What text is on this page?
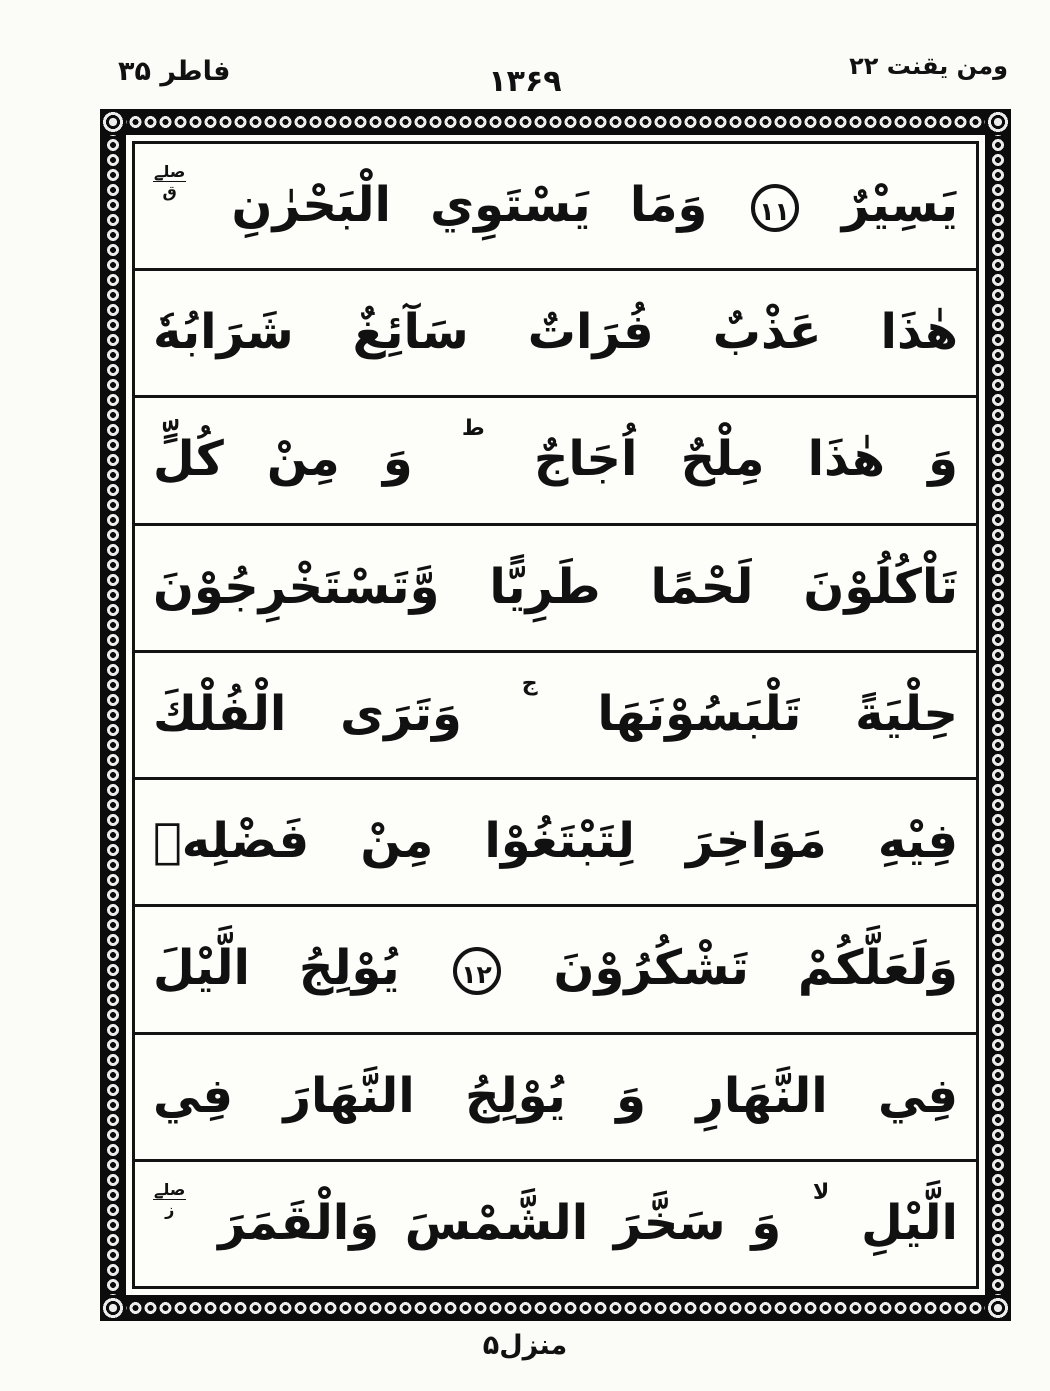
فاطر ۳۵	۱۳۶۹	ومن يقنت ۲۲
يَسِيْرٌ ۱۱ وَمَا يَسْتَوِي الْبَحْرٰنِ
صلے
ق
هٰذَا عَذْبٌ فُرَاتٌ سَآئِغٌ شَرَابُهٗ
وَ هٰذَا مِلْحٌ اُجَاجٌ ط وَ مِنْ كُلٍّ
تَاْكُلُوْنَ لَحْمًا طَرِيًّا وَّتَسْتَخْرِجُوْنَ
حِلْيَةً تَلْبَسُوْنَهَا ج وَتَرَى الْفُلْكَ
فِيْهِ مَوَاخِرَ لِتَبْتَغُوْا مِنْ فَضْلِهٖ
وَلَعَلَّكُمْ تَشْكُرُوْنَ ۱۲ يُوْلِجُ الَّيْلَ
فِي النَّهَارِ وَ يُوْلِجُ النَّهَارَ فِي
الَّيْلِ لا وَ سَخَّرَ الشَّمْسَ وَالْقَمَرَ
صلے
ز
منزل۵
